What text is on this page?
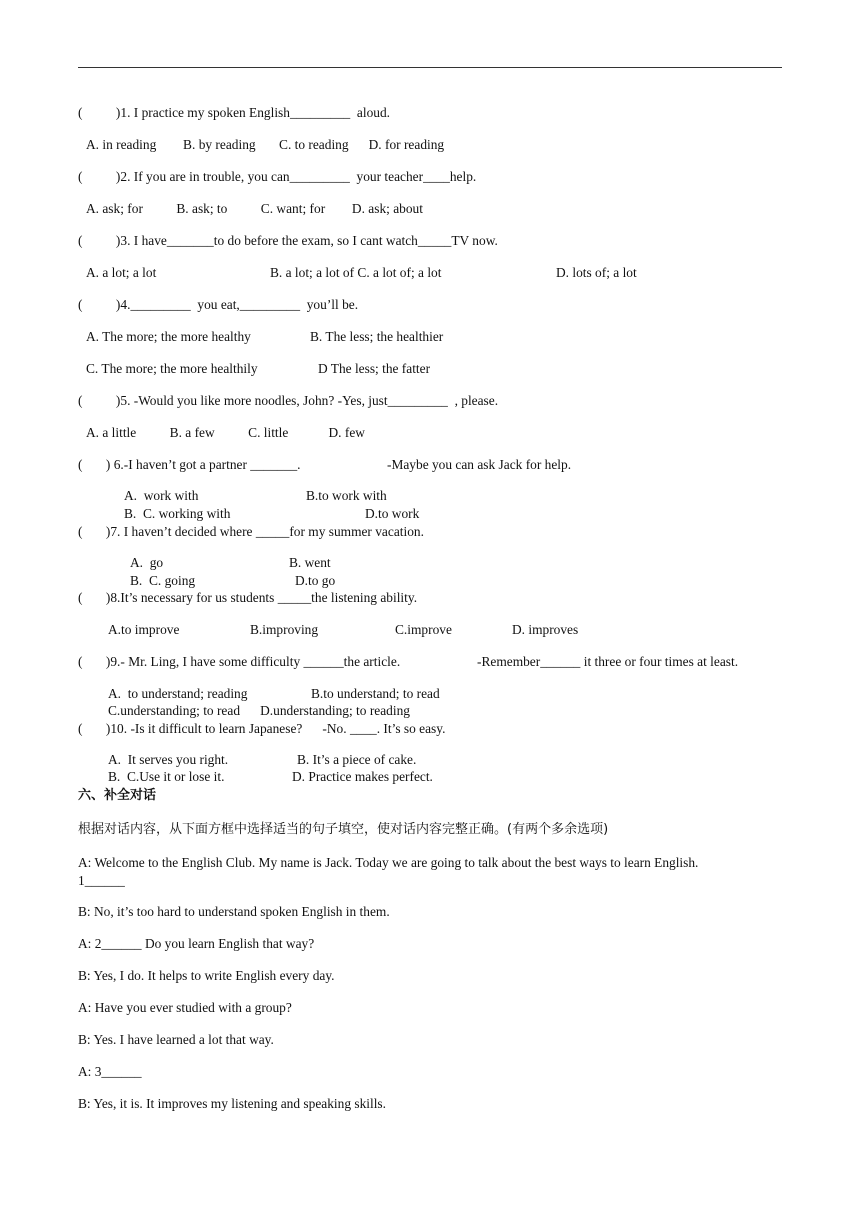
(          )1. I practice my spoken English_________  aloud.
A. in reading        B. by reading       C. to reading      D. for reading
(          )2. If you are in trouble, you can_________  your teacher____help.
A. ask; for          B. ask; to          C. want; for        D. ask; about
(          )3. I have_______to do before the exam, so I cant watch_____TV now.
A. a lot; a lot	B. a lot; a lot of C. a lot of; a lot	D. lots of; a lot
(          )4._________  you eat,_________  you’ll be.
A. The more; the more healthy	B. The less; the healthier
C. The more; the more healthily	D The less; the fatter
(          )5. -Would you like more noodles, John? -Yes, just_________  , please.
A. a little          B. a few          C. little            D. few
(       ) 6.-I haven’t got a partner _______.	-Maybe you can ask Jack for help.
A.  work with	B.to work with
B.  C. working with	D.to work
(       )7. I haven’t decided where _____for my summer vacation.
A.  go	B. went
B.  C. going	D.to go
(       )8.It’s necessary for us students _____the listening ability.
A.to improve	B.improving	C.improve	D. improves
(       )9.- Mr. Ling, I have some difficulty ______the article.	-Remember______ it three or four times at least.
A.  to understand; reading	B.to understand; to read
C.understanding; to read      D.understanding; to reading
(       )10. -Is it difficult to learn Japanese?      -No. ____. It’s so easy.
A.  It serves you right.	B. It’s a piece of cake.
B.  C.Use it or lose it.	D. Practice makes perfect.
六、补全对话
根据对话内容，从下面方框中选择适当的句子填空，使对话内容完整正确。(有两个多余选项)
A: Welcome to the English Club. My name is Jack. Today we are going to talk about the best ways to learn English.
1______
B: No, it’s too hard to understand spoken English in them.
A: 2______ Do you learn English that way?
B: Yes, I do. It helps to write English every day.
A: Have you ever studied with a group?
B: Yes. I have learned a lot that way.
A: 3______
B: Yes, it is. It improves my listening and speaking skills.
